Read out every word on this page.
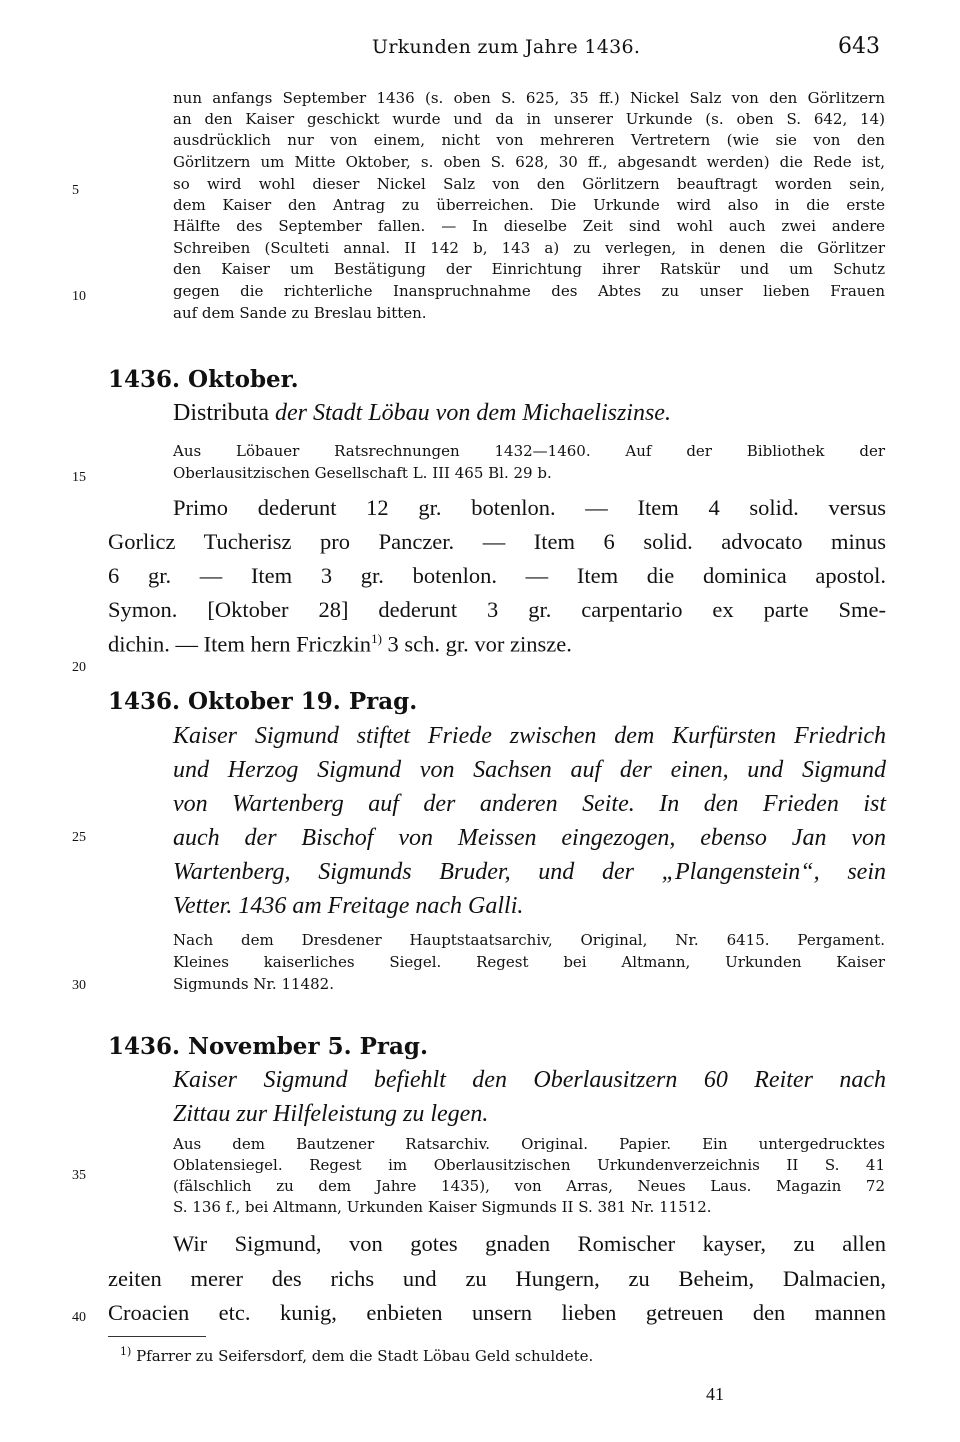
Urkunden zum Jahre 1436.	643
5
10
15
20
25
30
35
40
nun anfangs September 1436 (s. oben S. 625, 35 ff.) Nickel Salz von den Görlitzern
an den Kaiser geschickt wurde und da in unserer Urkunde (s. oben S. 642, 14)
ausdrücklich nur von einem, nicht von mehreren Vertretern (wie sie von den
Görlitzern um Mitte Oktober, s. oben S. 628, 30 ff., abgesandt werden) die Rede ist,
so wird wohl dieser Nickel Salz von den Görlitzern beauftragt worden sein,
dem Kaiser den Antrag zu überreichen. Die Urkunde wird also in die erste
Hälfte des September fallen. — In dieselbe Zeit sind wohl auch zwei andere
Schreiben (Sculteti annal. II 142 b, 143 a) zu verlegen, in denen die Görlitzer
den Kaiser um Bestätigung der Einrichtung ihrer Ratskür und um Schutz
gegen die richterliche Inanspruchnahme des Abtes zu unser lieben Frauen
auf dem Sande zu Breslau bitten.
1436. Oktober.
Distributa der Stadt Löbau von dem Michaeliszinse.
Aus Löbauer Ratsrechnungen 1432—1460. Auf der Bibliothek der
Oberlausitzischen Gesellschaft L. III 465 Bl. 29 b.
Primo dederunt 12 gr. botenlon. — Item 4 solid. versus
Gorlicz Tucherisz pro Panczer. — Item 6 solid. advocato minus
6 gr. — Item 3 gr. botenlon. — Item die dominica apostol.
Symon. [Oktober 28] dederunt 3 gr. carpentario ex parte Sme-
dichin. — Item hern Friczkin$^{1)}$ 3 sch. gr. vor zinsze.
1436. Oktober 19. Prag.
Kaiser Sigmund stiftet Friede zwischen dem Kurfürsten Friedrich
und Herzog Sigmund von Sachsen auf der einen, und Sigmund
von Wartenberg auf der anderen Seite. In den Frieden ist
auch der Bischof von Meissen eingezogen, ebenso Jan von
Wartenberg, Sigmunds Bruder, und der „Plangenstein“, sein
Vetter. 1436 am Freitage nach Galli.
Nach dem Dresdener Hauptstaatsarchiv, Original, Nr. 6415. Pergament.
Kleines kaiserliches Siegel. Regest bei Altmann, Urkunden Kaiser
Sigmunds Nr. 11482.
1436. November 5. Prag.
Kaiser Sigmund befiehlt den Oberlausitzern 60 Reiter nach
Zittau zur Hilfeleistung zu legen.
Aus dem Bautzener Ratsarchiv. Original. Papier. Ein untergedrucktes
Oblatensiegel. Regest im Oberlausitzischen Urkundenverzeichnis II S. 41
(fälschlich zu dem Jahre 1435), von Arras, Neues Laus. Magazin 72
S. 136 f., bei Altmann, Urkunden Kaiser Sigmunds II S. 381 Nr. 11512.
Wir Sigmund, von gotes gnaden Romischer kayser, zu allen
zeiten merer des richs und zu Hungern, zu Beheim, Dalmacien,
Croacien etc. kunig, enbieten unsern lieben getreuen den mannen
$^{1)}$ Pfarrer zu Seifersdorf, dem die Stadt Löbau Geld schuldete.
41
